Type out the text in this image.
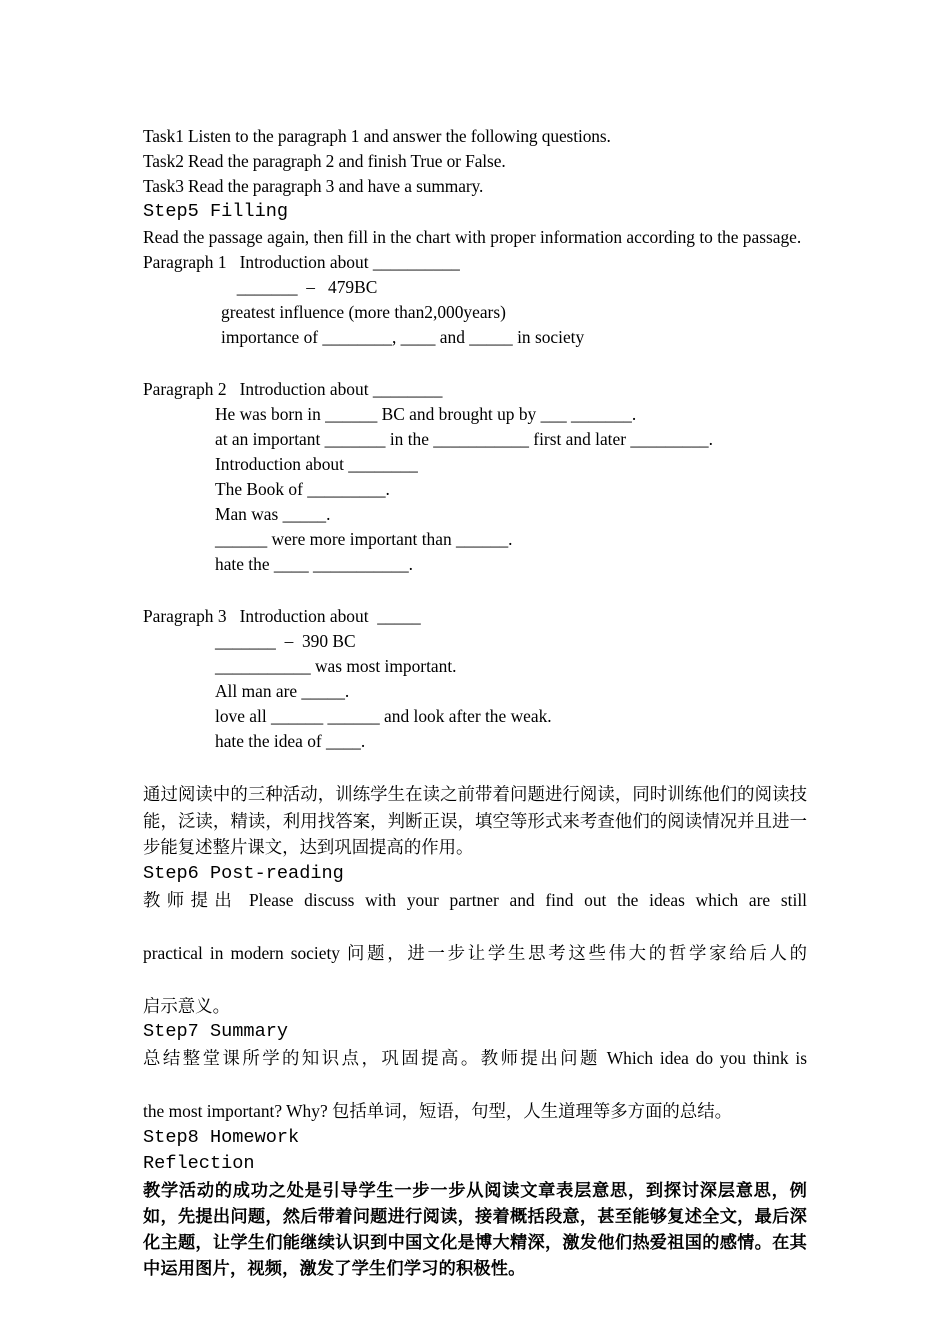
Task1 Listen to the paragraph 1 and answer the following questions.
Task2 Read the paragraph 2 and finish True or False.
Task3 Read the paragraph 3 and have a summary.
Step5 Filling
Read the passage again, then fill in the chart with proper information according to the passage.
Paragraph 1   Introduction about __________
_______  –   479BC
greatest influence (more than2,000years)
importance of ________, ____ and _____ in society
Paragraph 2   Introduction about ________
He was born in ______ BC and brought up by ___ _______.
at an important _______ in the ___________ first and later _________.
Introduction about ________
The Book of _________.
Man was _____.
______ were more important than ______.
hate the ____ ___________.
Paragraph 3   Introduction about  _____
_______  –  390 BC
___________ was most important.
All man are _____.
love all ______ ______ and look after the weak.
hate the idea of ____.
通过阅读中的三种活动，训练学生在读之前带着问题进行阅读，同时训练他们的阅读技能，泛读，精读，利用找答案，判断正误，填空等形式来考查他们的阅读情况并且进一步能复述整片课文，达到巩固提高的作用。
Step6 Post-reading
教师提出 Please discuss with your partner and find out the ideas which are still
practical in modern society 问题，进一步让学生思考这些伟大的哲学家给后人的
启示意义。
Step7 Summary
总结整堂课所学的知识点，巩固提高。教师提出问题 Which idea do you think is
the most important? Why? 包括单词，短语，句型，人生道理等多方面的总结。
Step8 Homework
Reflection
教学活动的成功之处是引导学生一步一步从阅读文章表层意思，到探讨深层意思，例如，先提出问题，然后带着问题进行阅读，接着概括段意，甚至能够复述全文，最后深化主题，让学生们能继续认识到中国文化是博大精深，激发他们热爱祖国的感情。在其中运用图片，视频，激发了学生们学习的积极性。
